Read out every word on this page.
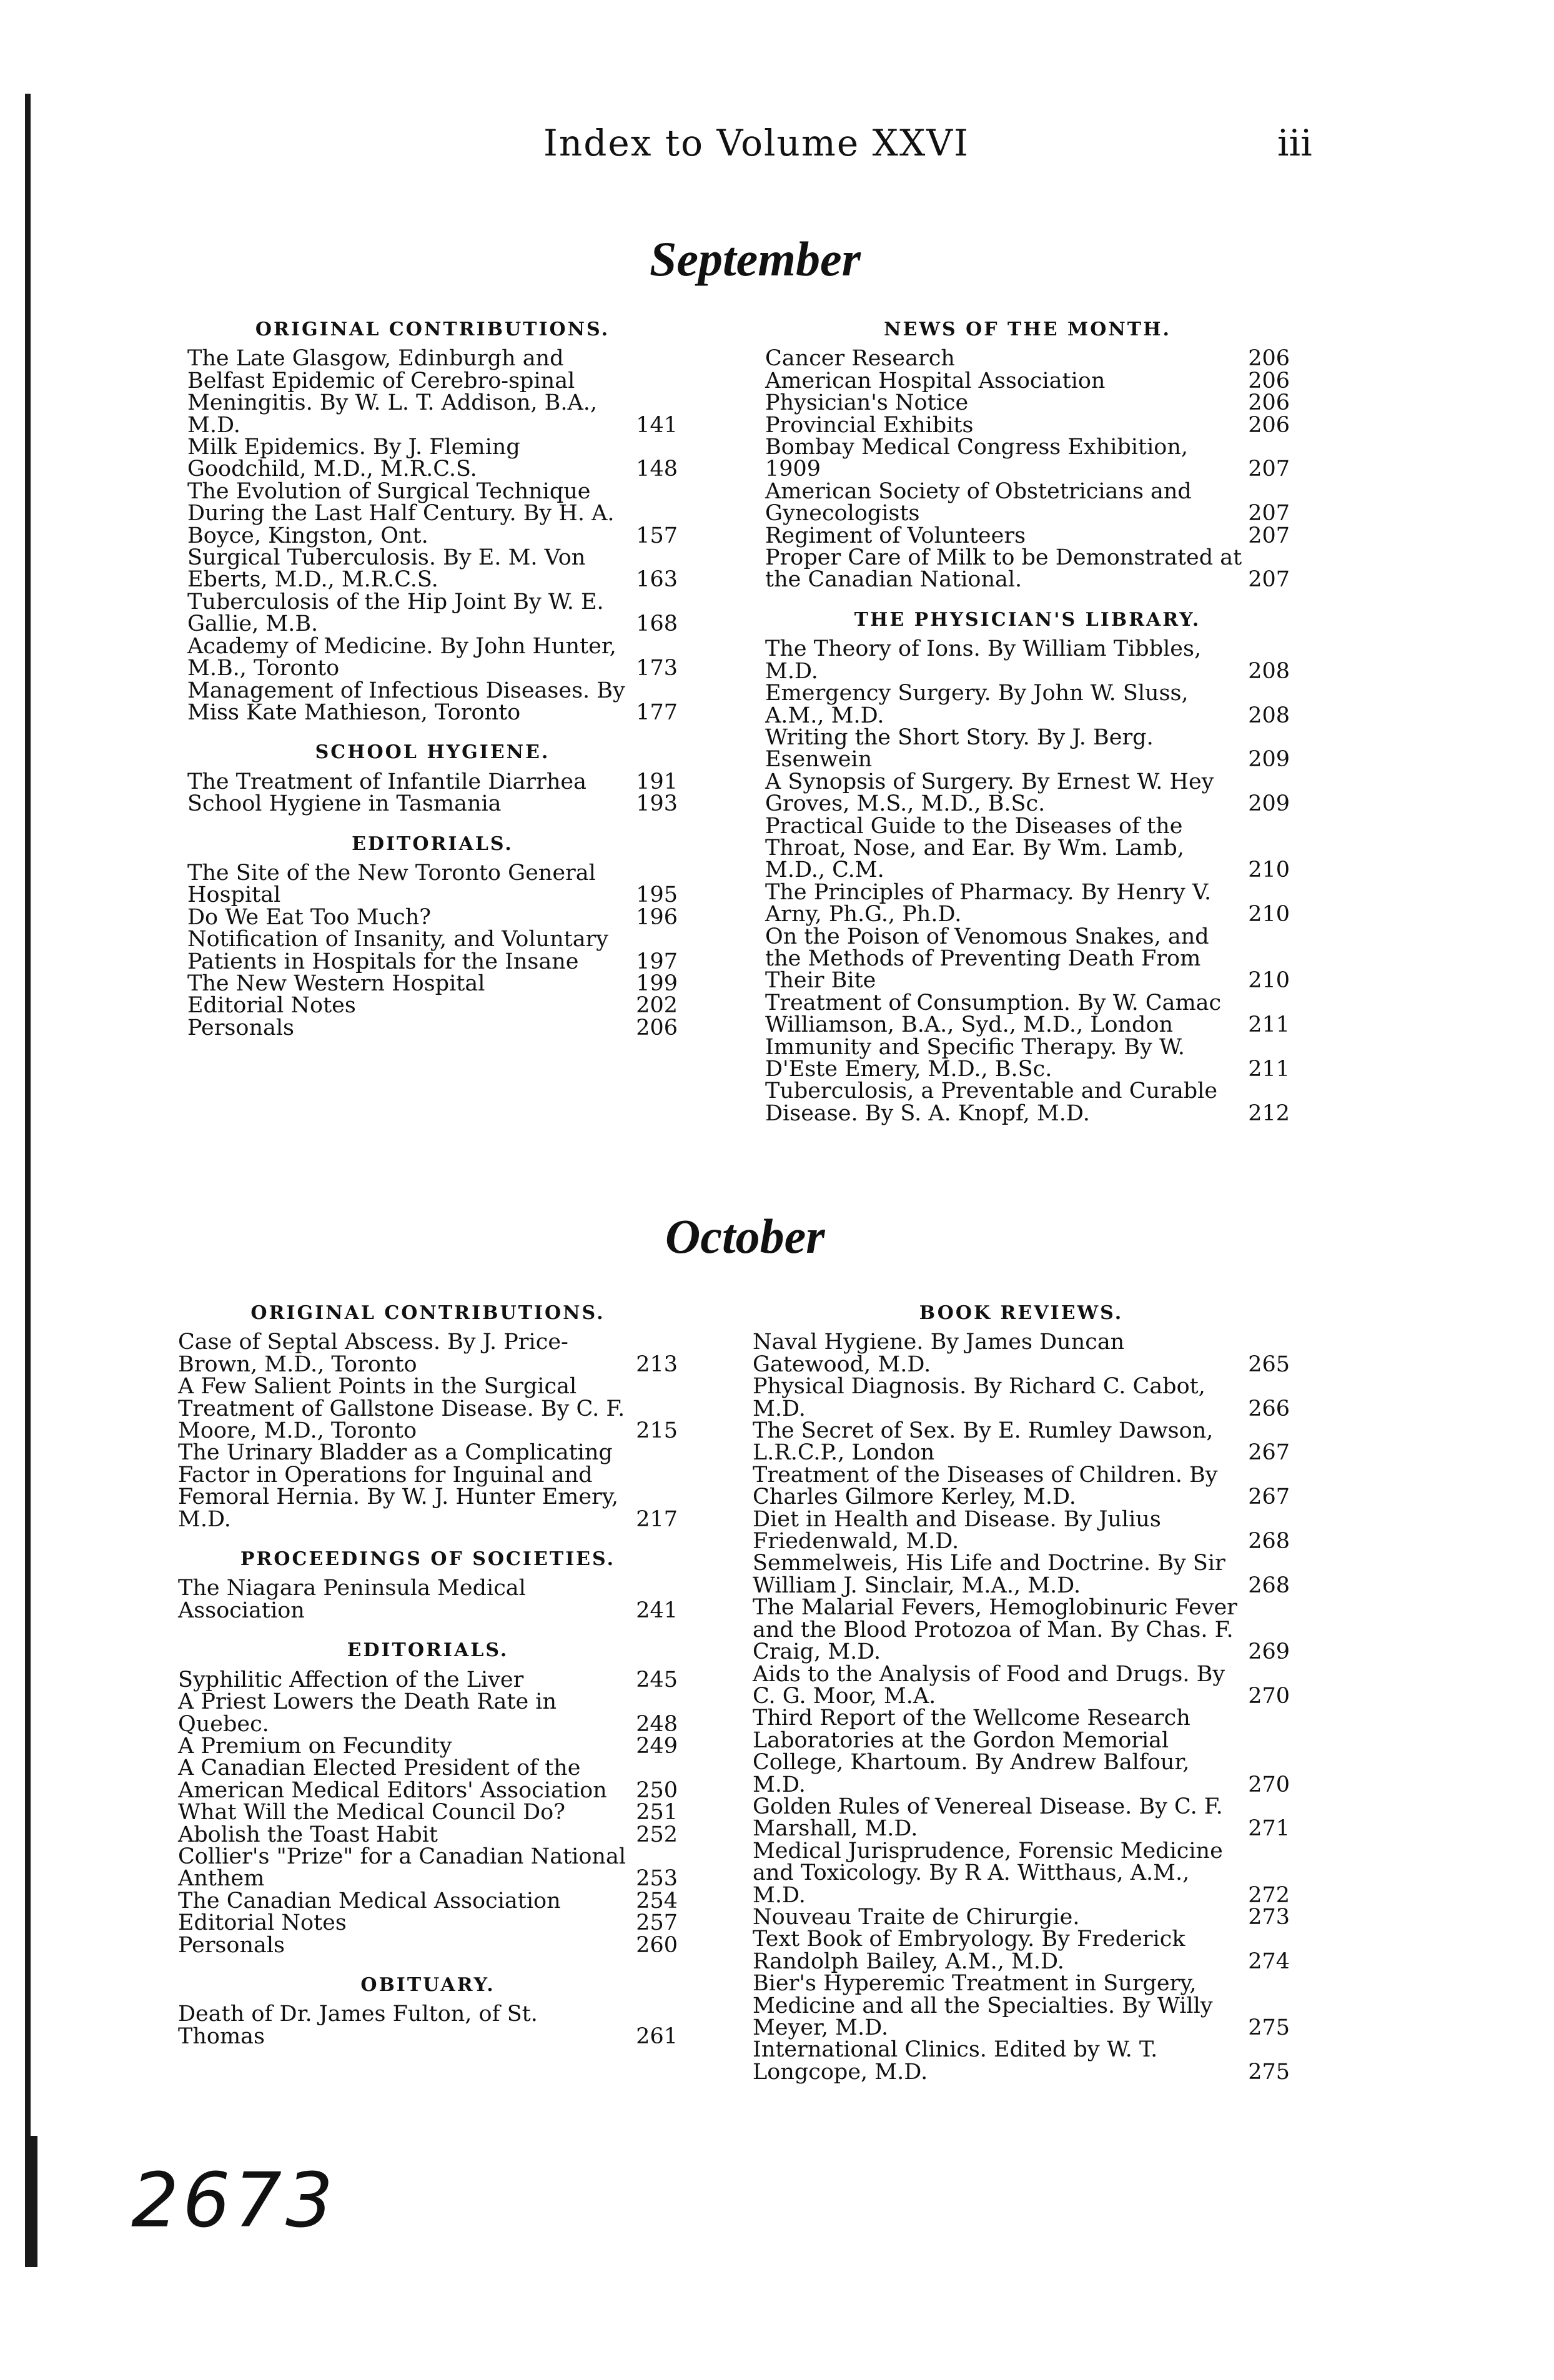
Index to Volume XXVI	iii
September
ORIGINAL CONTRIBUTIONS.
The Late Glasgow, Edinburgh and Belfast Epidemic of Cerebro-spinal Meningitis. By W. L. T. Addison, B.A., M.D.	141
Milk Epidemics. By J. Fleming Goodchild, M.D., M.R.C.S.	148
The Evolution of Surgical Technique During the Last Half Century. By H. A. Boyce, Kingston, Ont.	157
Surgical Tuberculosis. By E. M. Von Eberts, M.D., M.R.C.S.	163
Tuberculosis of the Hip Joint By W. E. Gallie, M.B.	168
Academy of Medicine. By John Hunter, M.B., Toronto	173
Management of Infectious Diseases. By Miss Kate Mathieson, Toronto	177
SCHOOL HYGIENE.
The Treatment of Infantile Diarrhea	191
School Hygiene in Tasmania	193
EDITORIALS.
The Site of the New Toronto General Hospital	195
Do We Eat Too Much?	196
Notification of Insanity, and Voluntary Patients in Hospitals for the Insane	197
The New Western Hospital	199
Editorial Notes	202
Personals	206
NEWS OF THE MONTH.
Cancer Research	206
American Hospital Association	206
Physician's Notice	206
Provincial Exhibits	206
Bombay Medical Congress Exhibition, 1909	207
American Society of Obstetricians and Gynecologists	207
Regiment of Volunteers	207
Proper Care of Milk to be Demonstrated at the Canadian National.	207
THE PHYSICIAN'S LIBRARY.
The Theory of Ions. By William Tibbles, M.D.	208
Emergency Surgery. By John W. Sluss, A.M., M.D.	208
Writing the Short Story. By J. Berg. Esenwein	209
A Synopsis of Surgery. By Ernest W. Hey Groves, M.S., M.D., B.Sc.	209
Practical Guide to the Diseases of the Throat, Nose, and Ear. By Wm. Lamb, M.D., C.M.	210
The Principles of Pharmacy. By Henry V. Arny, Ph.G., Ph.D.	210
On the Poison of Venomous Snakes, and the Methods of Preventing Death From Their Bite	210
Treatment of Consumption. By W. Camac Williamson, B.A., Syd., M.D., London	211
Immunity and Specific Therapy. By W. D'Este Emery, M.D., B.Sc.	211
Tuberculosis, a Preventable and Curable Disease. By S. A. Knopf, M.D.	212
October
ORIGINAL CONTRIBUTIONS.
Case of Septal Abscess. By J. Price-Brown, M.D., Toronto	213
A Few Salient Points in the Surgical Treatment of Gallstone Disease. By C. F. Moore, M.D., Toronto	215
The Urinary Bladder as a Complicating Factor in Operations for Inguinal and Femoral Hernia. By W. J. Hunter Emery, M.D.	217
PROCEEDINGS OF SOCIETIES.
The Niagara Peninsula Medical Association	241
EDITORIALS.
Syphilitic Affection of the Liver	245
A Priest Lowers the Death Rate in Quebec.	248
A Premium on Fecundity	249
A Canadian Elected President of the American Medical Editors' Association	250
What Will the Medical Council Do?	251
Abolish the Toast Habit	252
Collier's "Prize" for a Canadian National Anthem	253
The Canadian Medical Association	254
Editorial Notes	257
Personals	260
OBITUARY.
Death of Dr. James Fulton, of St. Thomas	261
BOOK REVIEWS.
Naval Hygiene. By James Duncan Gatewood, M.D.	265
Physical Diagnosis. By Richard C. Cabot, M.D.	266
The Secret of Sex. By E. Rumley Dawson, L.R.C.P., London	267
Treatment of the Diseases of Children. By Charles Gilmore Kerley, M.D.	267
Diet in Health and Disease. By Julius Friedenwald, M.D.	268
Semmelweis, His Life and Doctrine. By Sir William J. Sinclair, M.A., M.D.	268
The Malarial Fevers, Hemoglobinuric Fever and the Blood Protozoa of Man. By Chas. F. Craig, M.D.	269
Aids to the Analysis of Food and Drugs. By C. G. Moor, M.A.	270
Third Report of the Wellcome Research Laboratories at the Gordon Memorial College, Khartoum. By Andrew Balfour, M.D.	270
Golden Rules of Venereal Disease. By C. F. Marshall, M.D.	271
Medical Jurisprudence, Forensic Medicine and Toxicology. By R A. Witthaus, A.M., M.D.	272
Nouveau Traite de Chirurgie.	273
Text Book of Embryology. By Frederick Randolph Bailey, A.M., M.D.	274
Bier's Hyperemic Treatment in Surgery, Medicine and all the Specialties. By Willy Meyer, M.D.	275
International Clinics. Edited by W. T. Longcope, M.D.	275
2673
